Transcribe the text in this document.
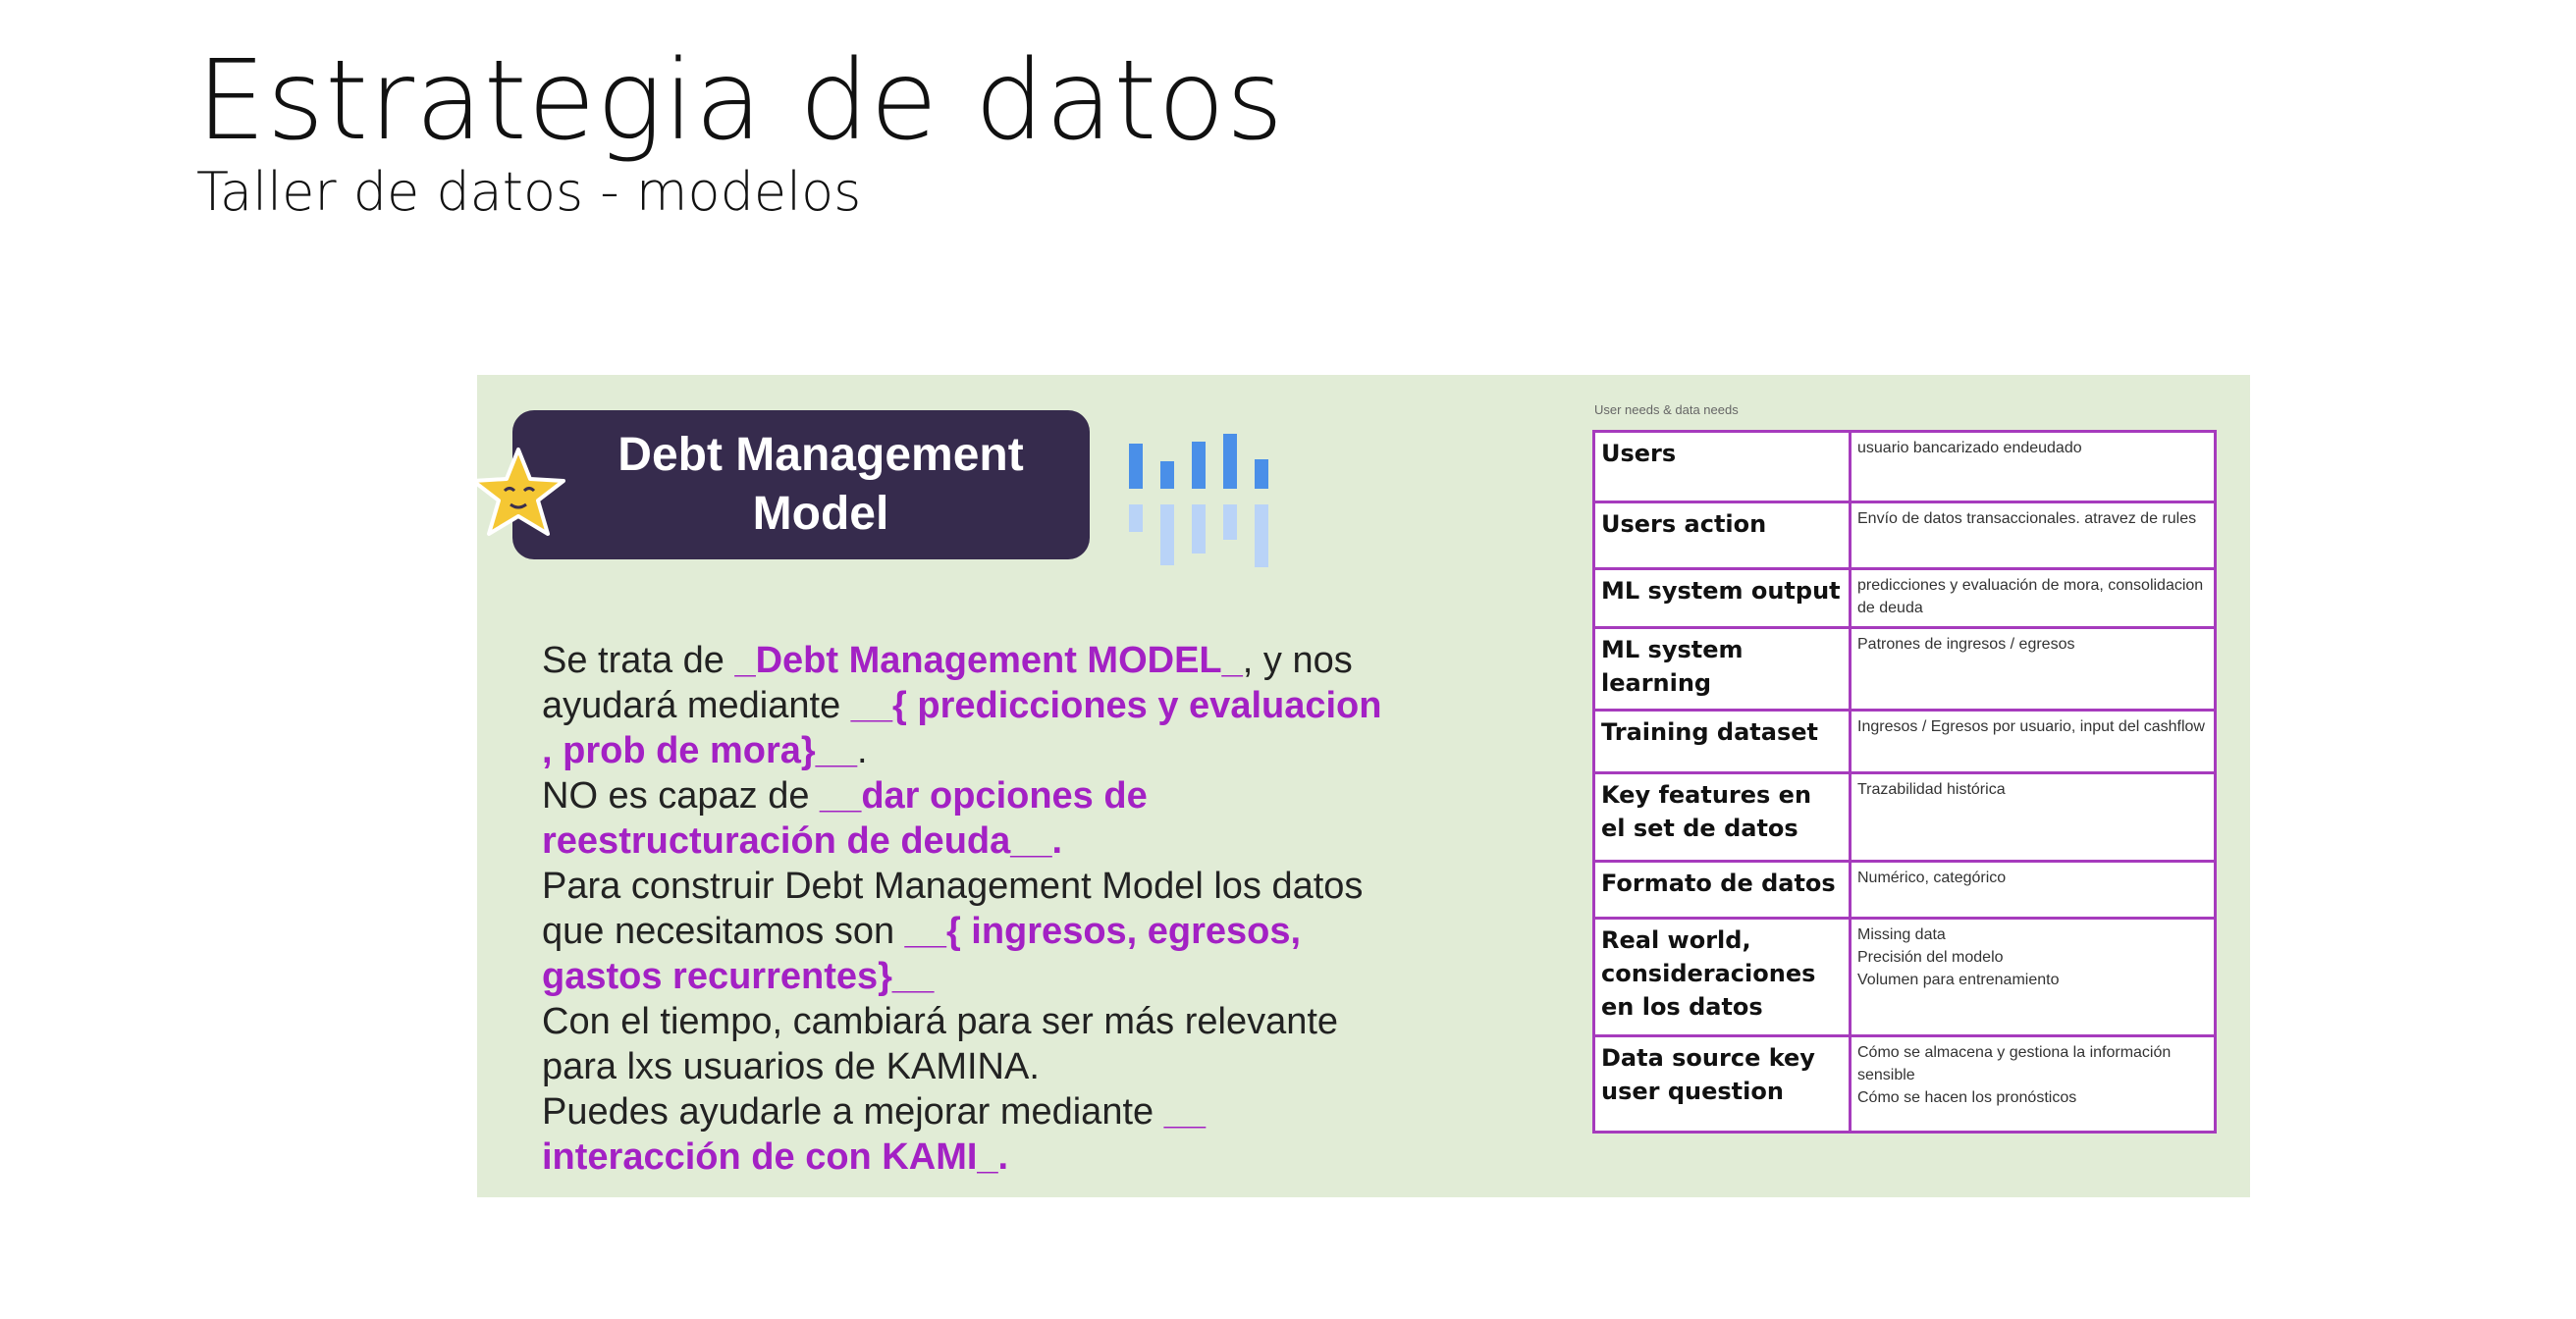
Estrategia de datos
Taller de datos - modelos
Debt Management Model

Se trata de _Debt Management MODEL_, y nos ayudará mediante __{ predicciones y evaluacion , prob de mora}__.
NO es capaz de __dar opciones de reestructuración de deuda__.
Para construir Debt Management Model los datos que necesitamos son __{ ingresos, egresos, gastos recurrentes}__
Con el tiempo, cambiará para ser más relevante para lxs usuarios de KAMINA.
Puedes ayudarle a mejorar mediante __ interacción de con KAMI_.

User needs & data needs
Users	usuario bancarizado endeudado
Users action	Envío de datos transaccionales. atravez de rules
ML system output	predicciones y evaluación de mora, consolidacion de deuda
ML system learning	Patrones de ingresos / egresos
Training dataset	Ingresos / Egresos por usuario, input del cashflow
Key features en el set de datos	Trazabilidad histórica
Formato de datos	Numérico, categórico
Real world, consideraciones en los datos	Missing data
Precisión del modelo
Volumen para entrenamiento
Data source key user question	Cómo se almacena y gestiona la información sensible
Cómo se hacen los pronósticos
